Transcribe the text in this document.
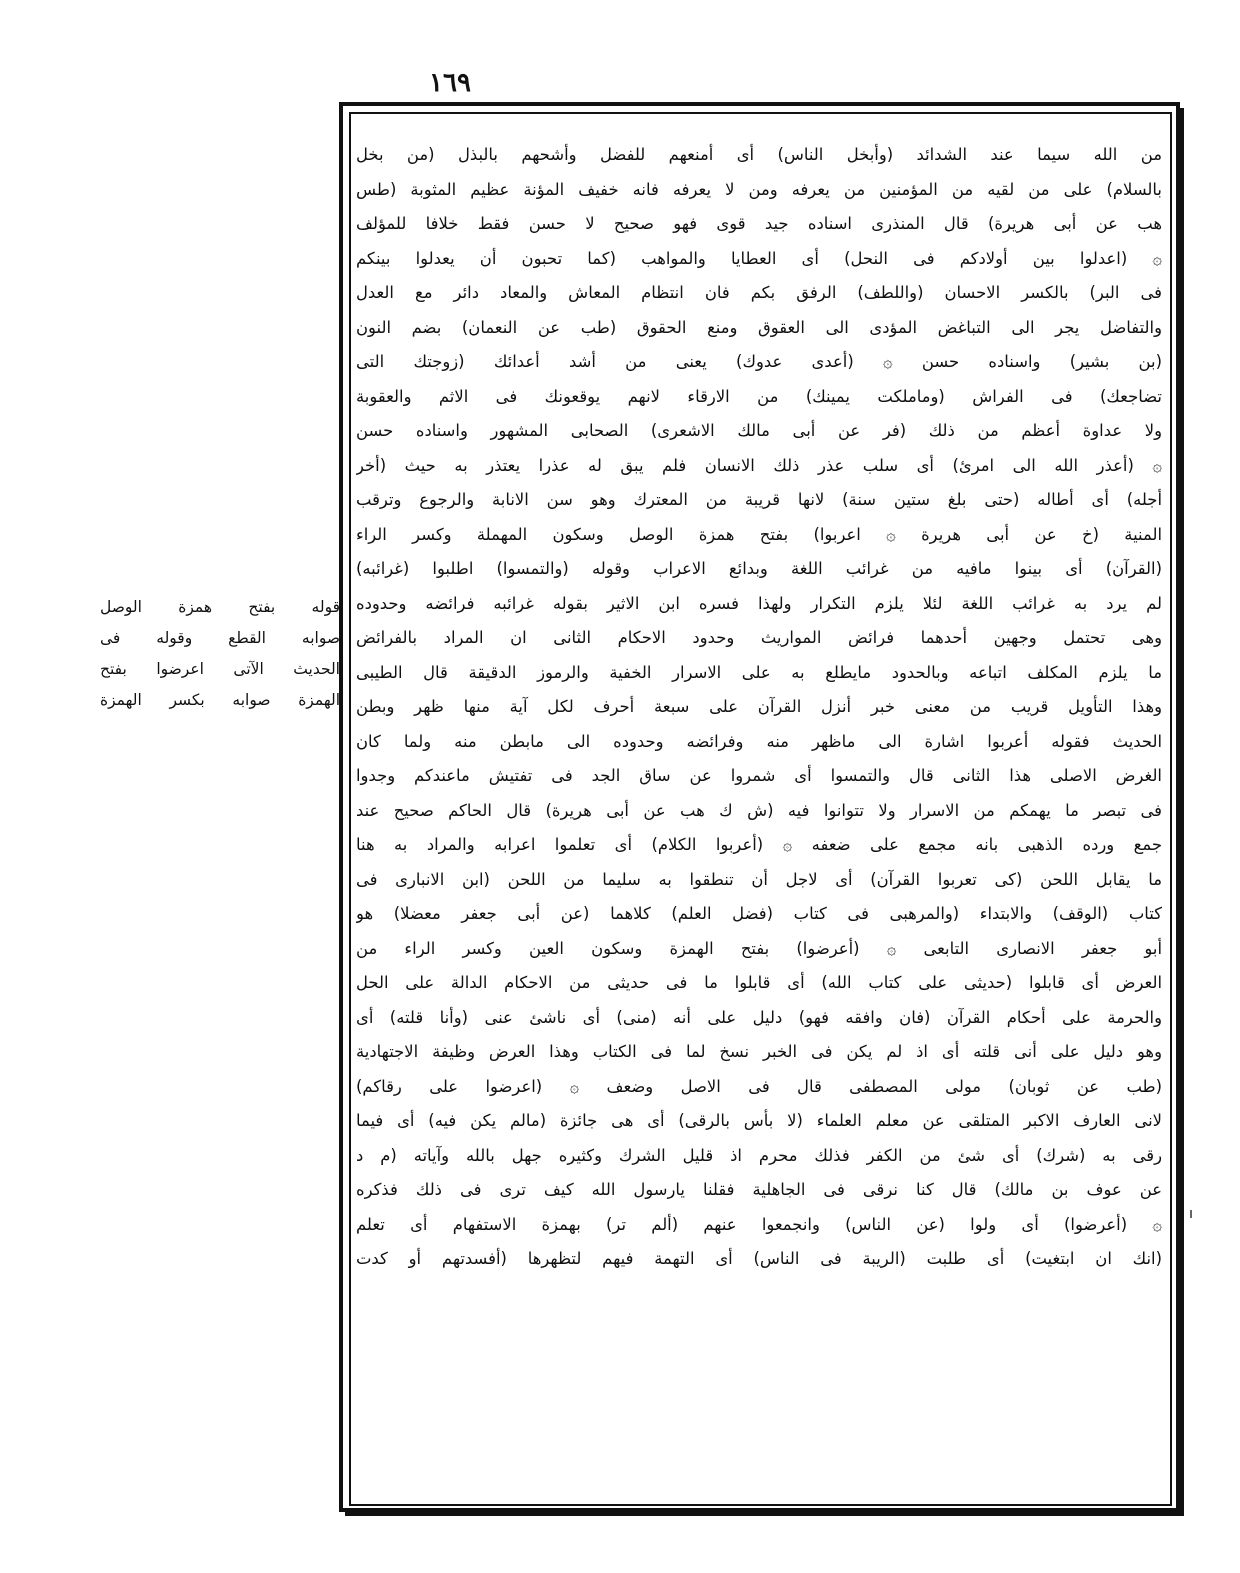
١٦٩
من الله سيما عند الشدائد (وأبخل الناس) أى أمنعهم للفضل وأشحهم بالبذل (من بخل
بالسلام) على من لقيه من المؤمنين من يعرفه ومن لا يعرفه فانه خفيف المؤنة عظيم المثوبة (طس
هب عن أبى هريرة) قال المنذرى اسناده جيد قوى فهو صحيح لا حسن فقط خلافا للمؤلف
۞ (اعدلوا بين أولادكم فى النحل) أى العطايا والمواهب (كما تحبون أن يعدلوا بينكم
فى البر) بالكسر الاحسان (واللطف) الرفق بكم فان انتظام المعاش والمعاد دائر مع العدل
والتفاضل يجر الى التباغض المؤدى الى العقوق ومنع الحقوق (طب عن النعمان) بضم النون
(بن بشير) واسناده حسن ۞ (أعدى عدوك) يعنى من أشد أعدائك (زوجتك التى
تضاجعك) فى الفراش (وماملكت يمينك) من الارقاء لانهم يوقعونك فى الاثم والعقوبة
ولا عداوة أعظم من ذلك (فر عن أبى مالك الاشعرى) الصحابى المشهور واسناده حسن
۞ (أعذر الله الى امرئ) أى سلب عذر ذلك الانسان فلم يبق له عذرا يعتذر به حيث (أخر
أجله) أى أطاله (حتى بلغ ستين سنة) لانها قريبة من المعترك وهو سن الانابة والرجوع وترقب
المنية (خ عن أبى هريرة ۞ اعربوا) بفتح همزة الوصل وسكون المهملة وكسر الراء
(القرآن) أى بينوا مافيه من غرائب اللغة وبدائع الاعراب وقوله (والتمسوا) اطلبوا (غرائبه)
لم يرد به غرائب اللغة لئلا يلزم التكرار ولهذا فسره ابن الاثير بقوله غرائبه فرائضه وحدوده
وهى تحتمل وجهين أحدهما فرائض المواريث وحدود الاحكام الثانى ان المراد بالفرائض
ما يلزم المكلف اتباعه وبالحدود مايطلع به على الاسرار الخفية والرموز الدقيقة قال الطيبى
وهذا التأويل قريب من معنى خبر أنزل القرآن على سبعة أحرف لكل آية منها ظهر وبطن
الحديث فقوله أعربوا اشارة الى ماظهر منه وفرائضه وحدوده الى مابطن منه ولما كان
الغرض الاصلى هذا الثانى قال والتمسوا أى شمروا عن ساق الجد فى تفتيش ماعندكم وجدوا
فى تبصر ما يهمكم من الاسرار ولا تتوانوا فيه (ش ك هب عن أبى هريرة) قال الحاكم صحيح عند
جمع ورده الذهبى بانه مجمع على ضعفه ۞ (أعربوا الكلام) أى تعلموا اعرابه والمراد به هنا
ما يقابل اللحن (كى تعربوا القرآن) أى لاجل أن تنطقوا به سليما من اللحن (ابن الانبارى فى
كتاب (الوقف) والابتداء (والمرهبى فى كتاب (فضل العلم) كلاهما (عن أبى جعفر معضلا) هو
أبو جعفر الانصارى التابعى ۞ (أعرضوا) بفتح الهمزة وسكون العين وكسر الراء من
العرض أى قابلوا (حديثى على كتاب الله) أى قابلوا ما فى حديثى من الاحكام الدالة على الحل
والحرمة على أحكام القرآن (فان وافقه فهو) دليل على أنه (منى) أى ناشئ عنى (وأنا قلته) أى
وهو دليل على أنى قلته أى اذ لم يكن فى الخبر نسخ لما فى الكتاب وهذا العرض وظيفة الاجتهادية
(طب عن ثوبان) مولى المصطفى قال فى الاصل وضعف ۞ (اعرضوا على رقاكم)
لانى العارف الاكبر المتلقى عن معلم العلماء (لا بأس بالرقى) أى هى جائزة (مالم يكن فيه) أى فيما
رقى به (شرك) أى شئ من الكفر فذلك محرم اذ قليل الشرك وكثيره جهل بالله وآياته (م د
عن عوف بن مالك) قال كنا نرقى فى الجاهلية فقلنا يارسول الله كيف ترى فى ذلك فذكره
۞ (أعرضوا) أى ولوا (عن الناس) وانجمعوا عنهم (ألم تر) بهمزة الاستفهام أى تعلم
(انك ان ابتغيت) أى طلبت (الريبة فى الناس) أى التهمة فيهم لتظهرها (أفسدتهم أو كدت
قوله بفتح همزة الوصل
صوابه القطع وقوله فى
الحديث الآتى اعرضوا بفتح
الهمزة صوابه بكسر الهمزة
